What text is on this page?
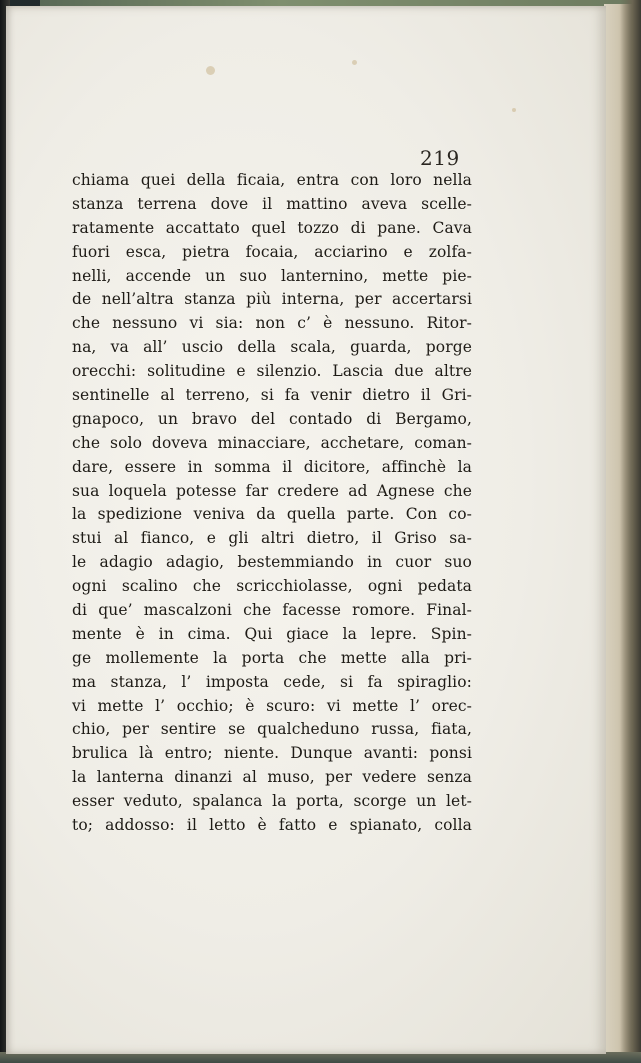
219
chiama quei della ficaia, entra con loro nella
stanza terrena dove il mattino aveva scelle-
ratamente accattato quel tozzo di pane. Cava
fuori esca, pietra focaia, acciarino e zolfa-
nelli, accende un suo lanternino, mette pie-
de nell’altra stanza più interna, per accertarsi
che nessuno vi sia: non c’ è nessuno. Ritor-
na, va all’ uscio della scala, guarda, porge
orecchi: solitudine e silenzio. Lascia due altre
sentinelle al terreno, si fa venir dietro il Gri-
gnapoco, un bravo del contado di Bergamo,
che solo doveva minacciare, acchetare, coman-
dare, essere in somma il dicitore, affinchè la
sua loquela potesse far credere ad Agnese che
la spedizione veniva da quella parte. Con co-
stui al fianco, e gli altri dietro, il Griso sa-
le adagio adagio, bestemmiando in cuor suo
ogni scalino che scricchiolasse, ogni pedata
di que’ mascalzoni che facesse romore. Final-
mente è in cima. Qui giace la lepre. Spin-
ge mollemente la porta che mette alla pri-
ma stanza, l’ imposta cede, si fa spiraglio:
vi mette l’ occhio; è scuro: vi mette l’ orec-
chio, per sentire se qualcheduno russa, fiata,
brulica là entro; niente. Dunque avanti: ponsi
la lanterna dinanzi al muso, per vedere senza
esser veduto, spalanca la porta, scorge un let-
to; addosso: il letto è fatto e spianato, colla
